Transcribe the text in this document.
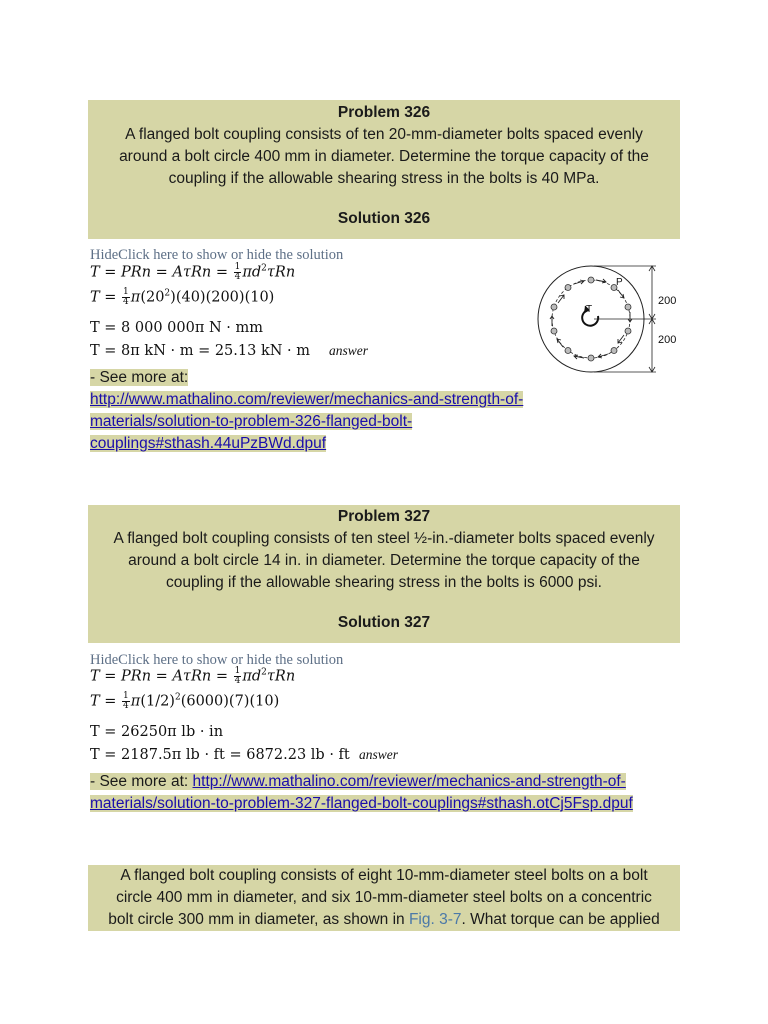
Problem 326
A flanged bolt coupling consists of ten 20-mm-diameter bolts spaced evenly
around a bolt circle 400 mm in diameter. Determine the torque capacity of the
coupling if the allowable shearing stress in the bolts is 40 MPa.
Solution 326
HideClick here to show or hide the solution
T = PRn = $A\tau Rn = \frac{1}{4} \pi d^2\tau Rn$
$T = \frac{1}{4} \pi(20^2)(40)(200)(10)$
T = 8 000 000π N · mm
T = 8π kN · m = 25.13 kN · m answer
T
P
200
200
- See more at:
http://www.mathalino.com/reviewer/mechanics-and-strength-of-
materials/solution-to-problem-326-flanged-bolt-
couplings#sthash.44uPzBWd.dpuf
Problem 327
A flanged bolt coupling consists of ten steel ½-in.-diameter bolts spaced evenly
around a bolt circle 14 in. in diameter. Determine the torque capacity of the
coupling if the allowable shearing stress in the bolts is 6000 psi.
Solution 327
HideClick here to show or hide the solution
T = PRn = $A\tau Rn = \frac{1}{4} \pi d^2\tau Rn$
$T = \frac{1}{4} \pi(1/2)^2(6000)(7)(10)$
T = 26250π lb · in
T = 2187.5π lb · ft = 6872.23 lb · ft answer
- See more at: http://www.mathalino.com/reviewer/mechanics-and-strength-of-
materials/solution-to-problem-327-flanged-bolt-couplings#sthash.otCj5Fsp.dpuf
A flanged bolt coupling consists of eight 10-mm-diameter steel bolts on a bolt
circle 400 mm in diameter, and six 10-mm-diameter steel bolts on a concentric
bolt circle 300 mm in diameter, as shown in Fig. 3-7. What torque can be applied
